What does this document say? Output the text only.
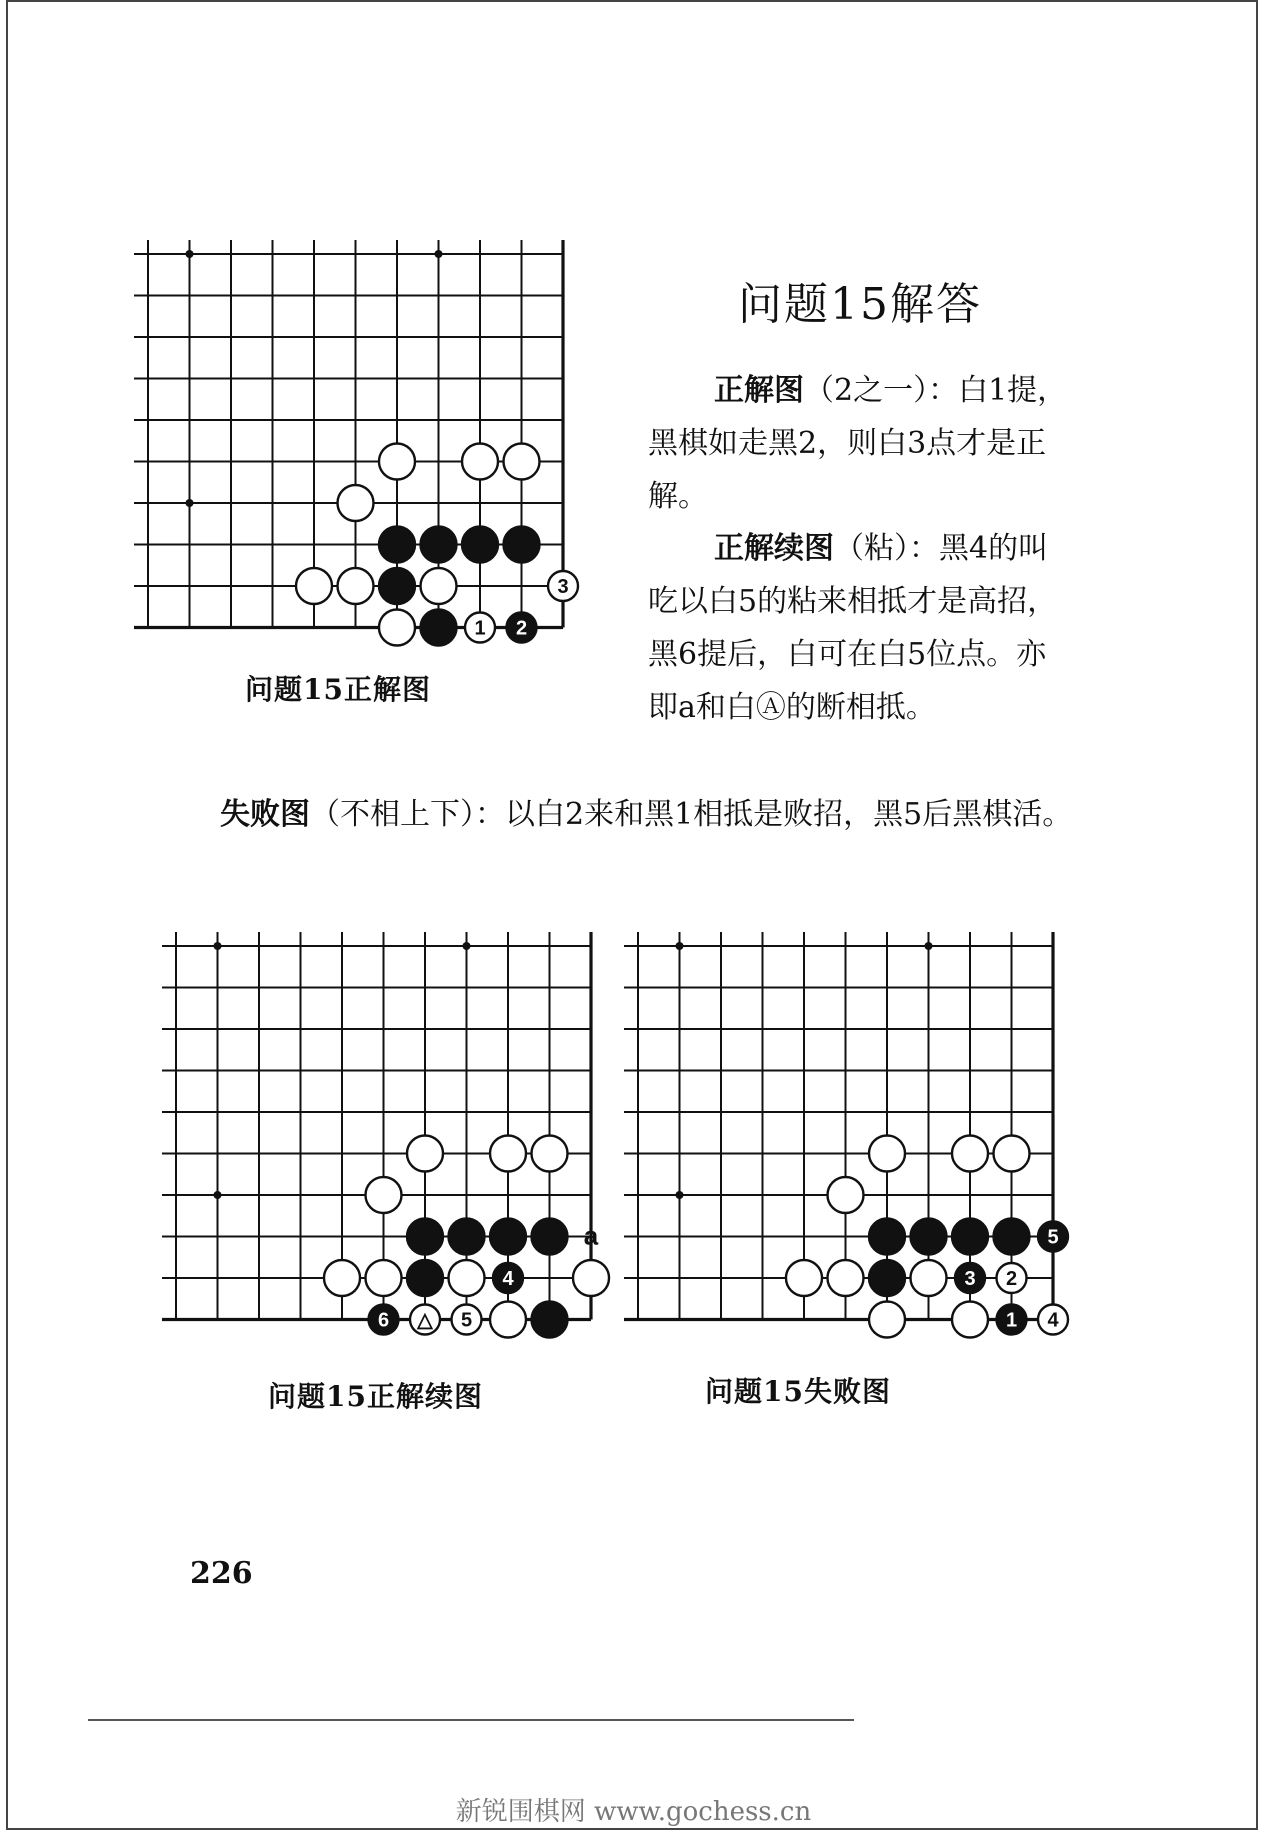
1 2
3
问题15正解图
问题15解答
正解图（2之一）：白1提，黑棋如走黑2，则白3点才是正解。
正解续图（粘）：黑4的叫吃以白5的粘来相抵才是高招，黑6提后，白可在白5位点。亦即a和白Ⓐ的断相抵。
失败图（不相上下）：以白2来和黑1相抵是败招，黑5后黑棋活。
4
6 △ 5
a
问题15正解续图
5
3 2
1 4
问题15失败图
226
新锐围棋网 www.gochess.cn
